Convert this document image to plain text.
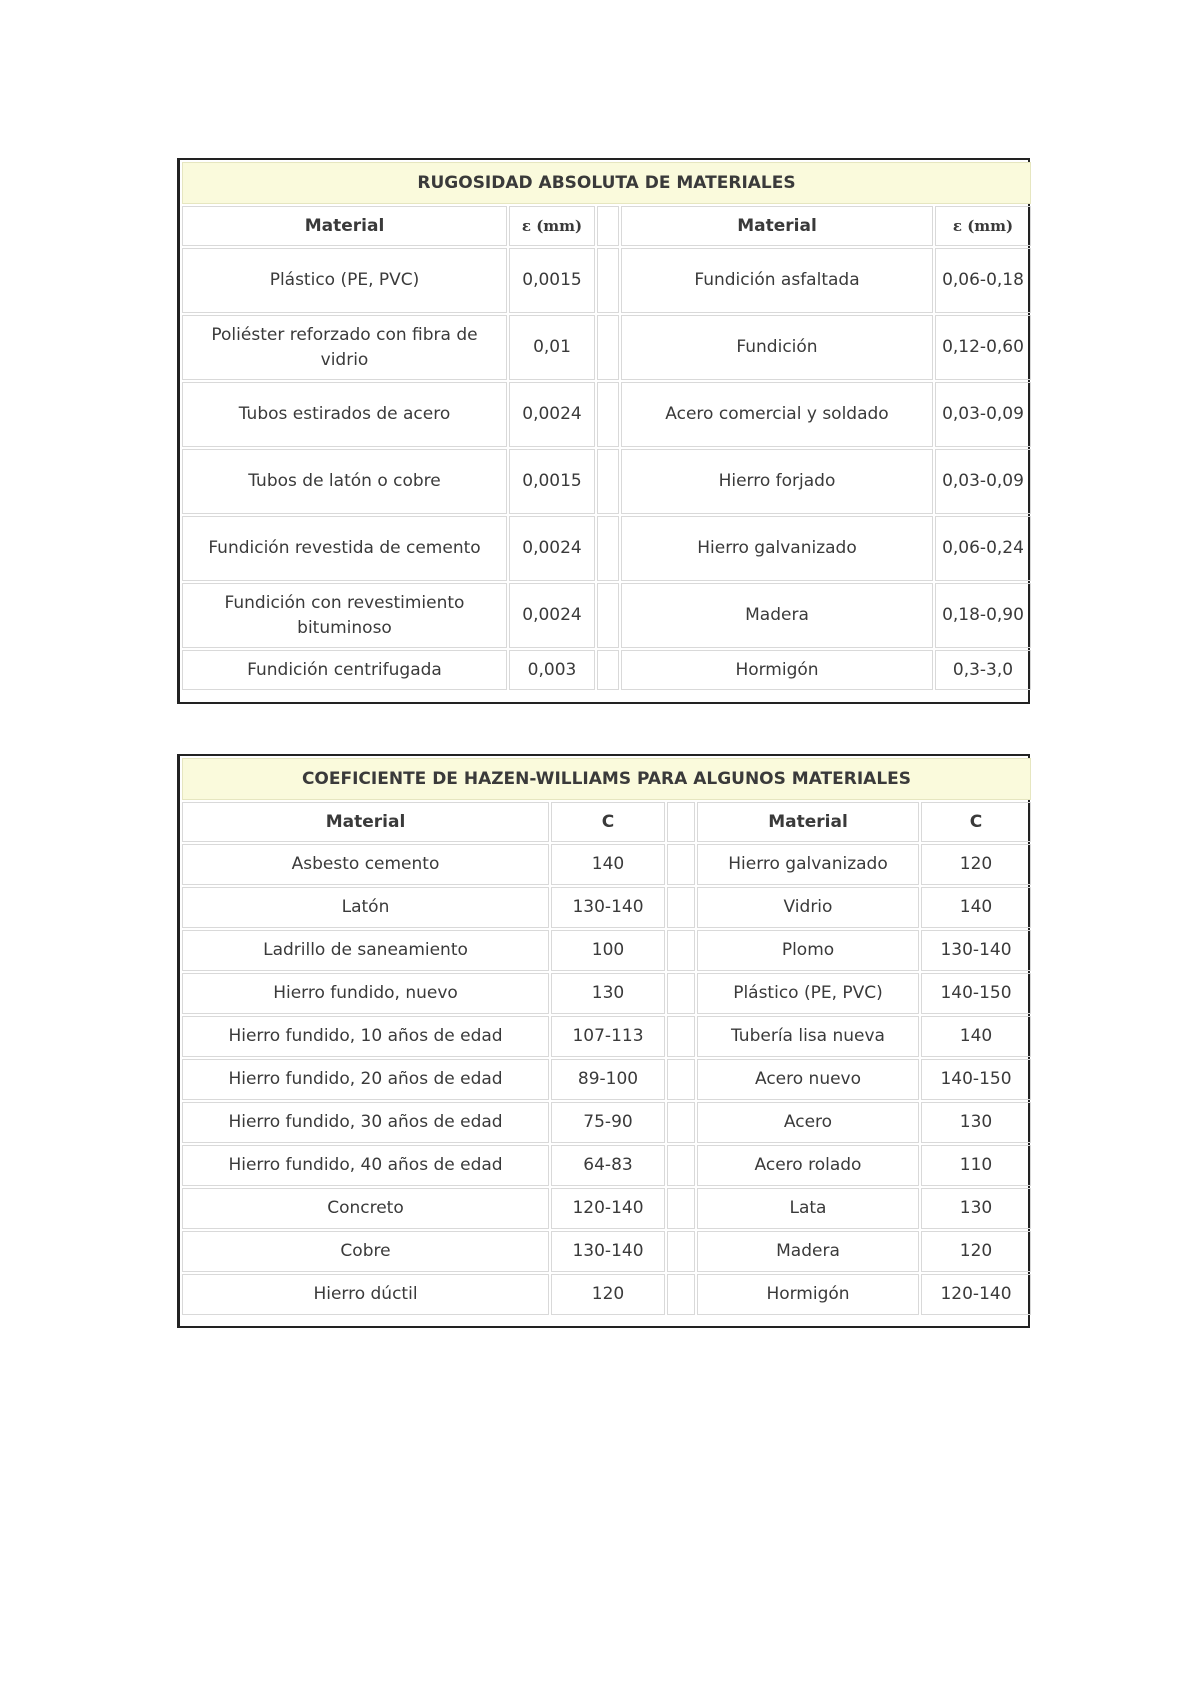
RUGOSIDAD ABSOLUTA DE MATERIALES				
Material	ε (mm)		Material	ε (mm)
Plástico (PE, PVC)	0,0015		Fundición asfaltada	0,06-0,18
Poliéster reforzado con fibra de vidrio	0,01		Fundición	0,12-0,60
Tubos estirados de acero	0,0024		Acero comercial y soldado	0,03-0,09
Tubos de latón o cobre	0,0015		Hierro forjado	0,03-0,09
Fundición revestida de cemento	0,0024		Hierro galvanizado	0,06-0,24
Fundición con revestimiento bituminoso	0,0024		Madera	0,18-0,90
Fundición centrifugada	0,003		Hormigón	0,3-3,0
COEFICIENTE DE HAZEN-WILLIAMS PARA ALGUNOS MATERIALES				
Material	C		Material	C
Asbesto cemento	140		Hierro galvanizado	120
Latón	130-140		Vidrio	140
Ladrillo de saneamiento	100		Plomo	130-140
Hierro fundido, nuevo	130		Plástico (PE, PVC)	140-150
Hierro fundido, 10 años de edad	107-113		Tubería lisa nueva	140
Hierro fundido, 20 años de edad	89-100		Acero nuevo	140-150
Hierro fundido, 30 años de edad	75-90		Acero	130
Hierro fundido, 40 años de edad	64-83		Acero rolado	110
Concreto	120-140		Lata	130
Cobre	130-140		Madera	120
Hierro dúctil	120		Hormigón	120-140
